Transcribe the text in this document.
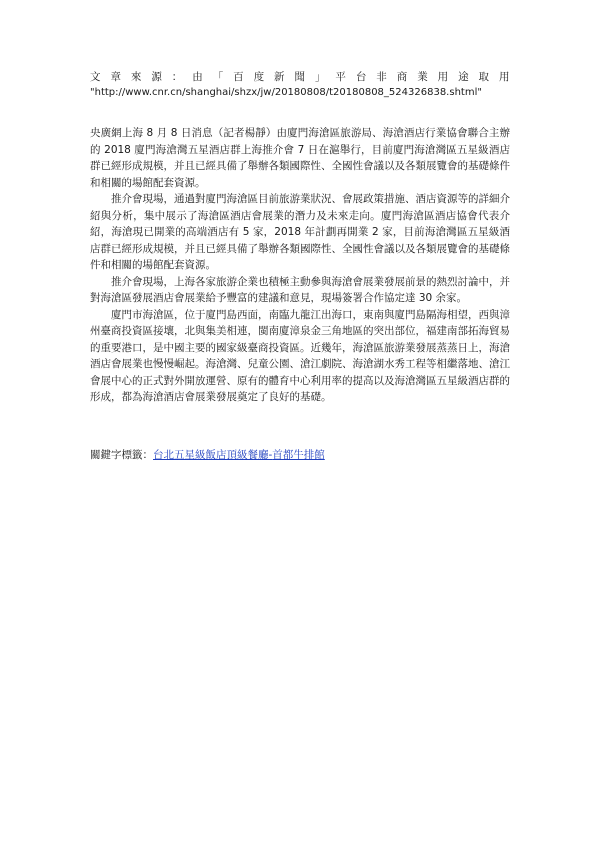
文章來源：由「百度新聞」平台非商業用途取用
"http://www.cnr.cn/shanghai/shzx/jw/20180808/t20180808_524326838.shtml"

央廣網上海 8 月 8 日消息（記者楊靜）由廈門海滄區旅游局、海滄酒店行業協會聯合主辦的 2018 廈門海滄灣五星酒店群上海推介會 7 日在滬舉行，目前廈門海滄灣區五星級酒店群已經形成規模，并且已經具備了舉辦各類國際性、全國性會議以及各類展覽會的基礎條件和相關的場館配套資源。

推介會現場，通過對廈門海滄區目前旅游業狀況、會展政策措施、酒店資源等的詳細介紹與分析，集中展示了海滄區酒店會展業的潛力及未來走向。廈門海滄區酒店協會代表介紹，海滄現已開業的高端酒店有 5 家，2018 年計劃再開業 2 家，目前海滄灣區五星級酒店群已經形成規模，并且已經具備了舉辦各類國際性、全國性會議以及各類展覽會的基礎條件和相關的場館配套資源。

推介會現場，上海各家旅游企業也積極主動參與海滄會展業發展前景的熱烈討論中，并對海滄區發展酒店會展業給予豐富的建議和意見，現場簽署合作協定達 30 余家。

廈門市海滄區，位于廈門島西面，南臨九龍江出海口，東南與廈門島隔海相望，西與漳州臺商投資區接壤，北與集美相連，閩南廈漳泉金三角地區的突出部位，福建南部拓海貿易的重要港口，是中國主要的國家級臺商投資區。近幾年，海滄區旅游業發展蒸蒸日上，海滄酒店會展業也慢慢崛起。海滄灣、兒童公園、滄江劇院、海滄湖水秀工程等相繼落地、滄江會展中心的正式對外開放運營、原有的體育中心利用率的提高以及海滄灣區五星級酒店群的形成，都為海滄酒店會展業發展奠定了良好的基礎。

關鍵字標籤：台北五星級飯店頂級餐廳-首都牛排館
